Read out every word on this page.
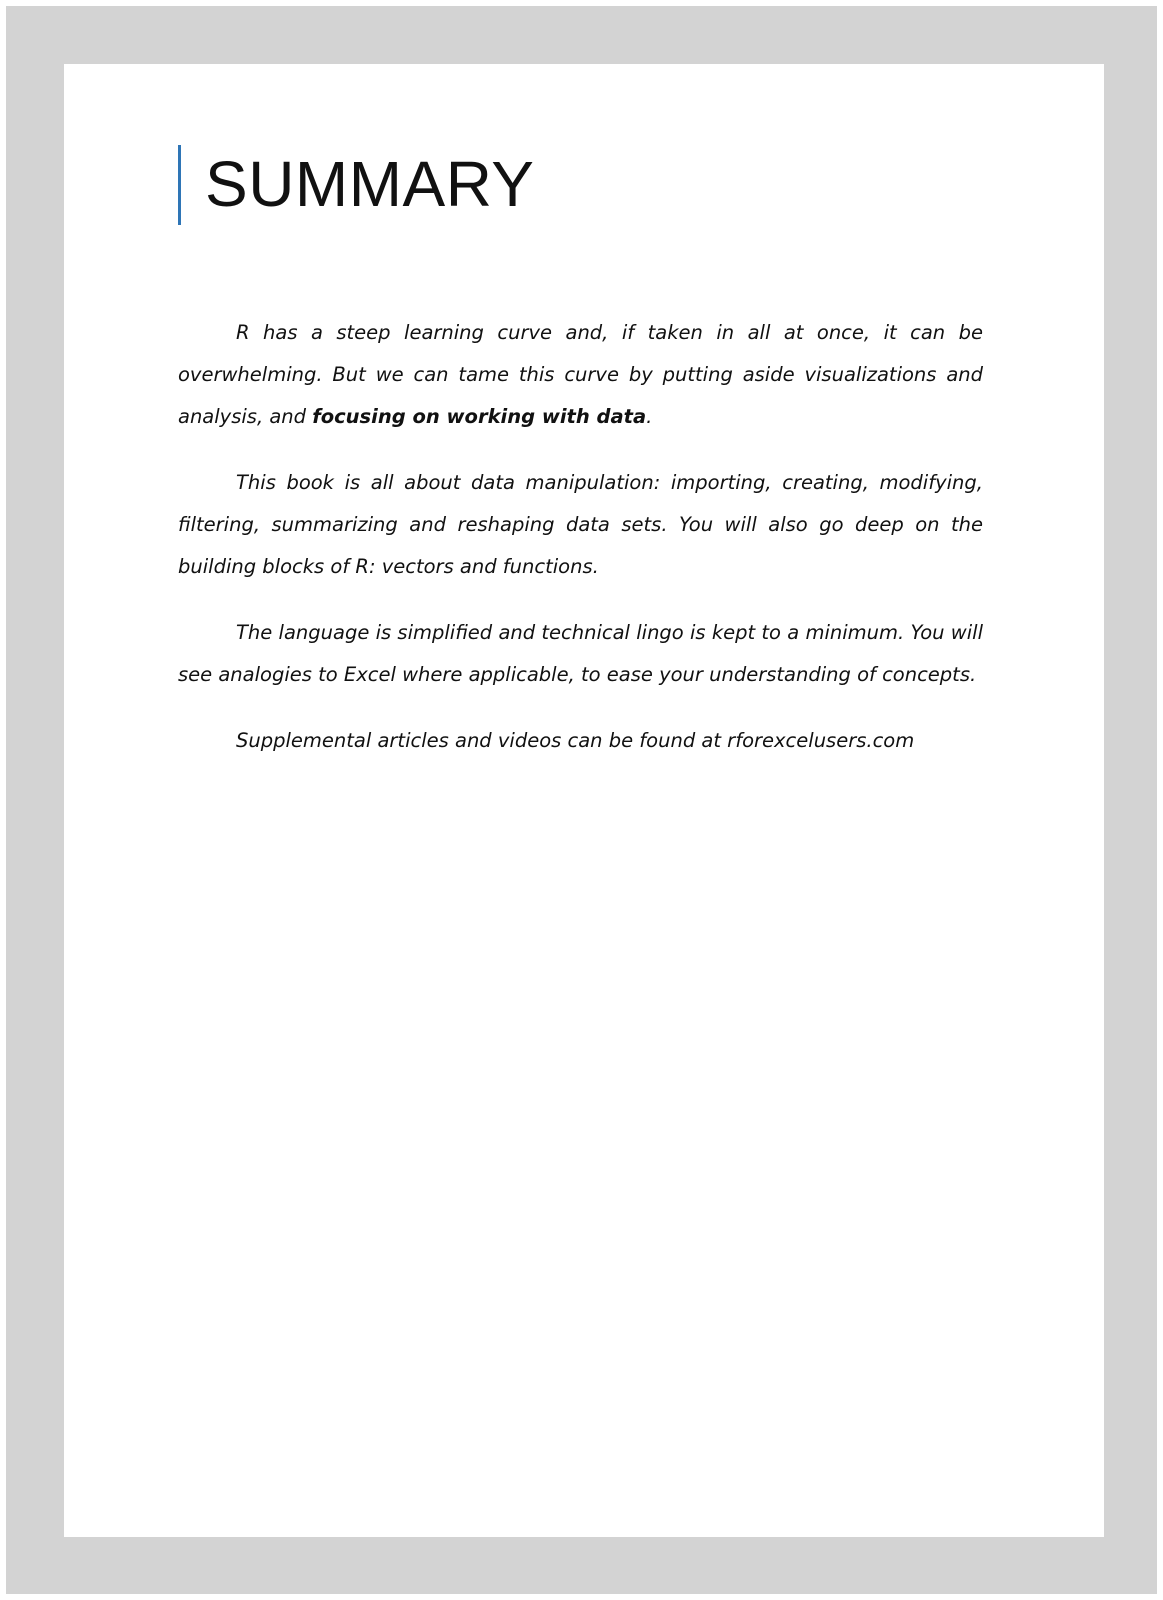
SUMMARY

R has a steep learning curve and, if taken in all at once, it can be overwhelming. But we can tame this curve by putting aside visualizations and analysis, and focusing on working with data.

This book is all about data manipulation: importing, creating, modifying, filtering, summarizing and reshaping data sets. You will also go deep on the building blocks of R: vectors and functions.

The language is simplified and technical lingo is kept to a minimum. You will see analogies to Excel where applicable, to ease your understanding of concepts.

Supplemental articles and videos can be found at rforexcelusers.com
